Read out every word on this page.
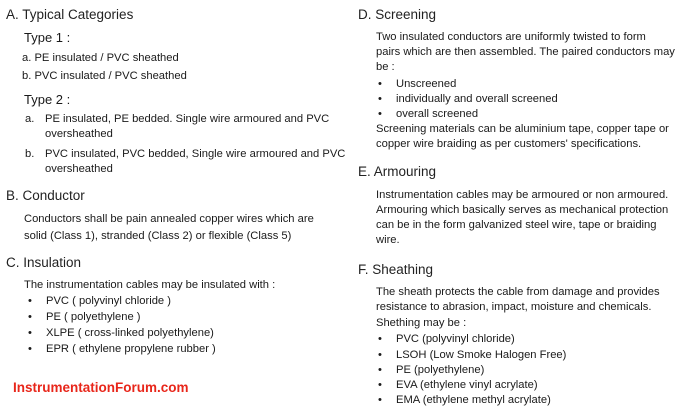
A. Typical Categories
Type 1 :
a. PE insulated / PVC sheathed
b. PVC insulated / PVC sheathed
Type 2 :
a. PE insulated, PE bedded. Single wire armoured and PVC
oversheathed
b. PVC insulated, PVC bedded, Single wire armoured and PVC
oversheathed
B. Conductor
Conductors shall be pain annealed copper wires which are
solid (Class 1), stranded (Class 2) or flexible (Class 5)
C. Insulation
The instrumentation cables may be insulated with :
• PVC ( polyvinyl chloride )
• PE ( polyethylene )
• XLPE ( cross-linked polyethylene)
• EPR ( ethylene propylene rubber )
InstrumentationForum.com
D. Screening
Two insulated conductors are uniformly twisted to form
pairs which are then assembled. The paired conductors may
be :
• Unscreened
• individually and overall screened
• overall screened
Screening materials can be aluminium tape, copper tape or
copper wire braiding as per customers' specifications.
E. Armouring
Instrumentation cables may be armoured or non armoured.
Armouring which basically serves as mechanical protection
can be in the form galvanized steel wire, tape or braiding
wire.
F. Sheathing
The sheath protects the cable from damage and provides
resistance to abrasion, impact, moisture and chemicals.
Shething may be :
• PVC (polyvinyl chloride)
• LSOH (Low Smoke Halogen Free)
• PE (polyethylene)
• EVA (ethylene vinyl acrylate)
• EMA (ethylene methyl acrylate)
